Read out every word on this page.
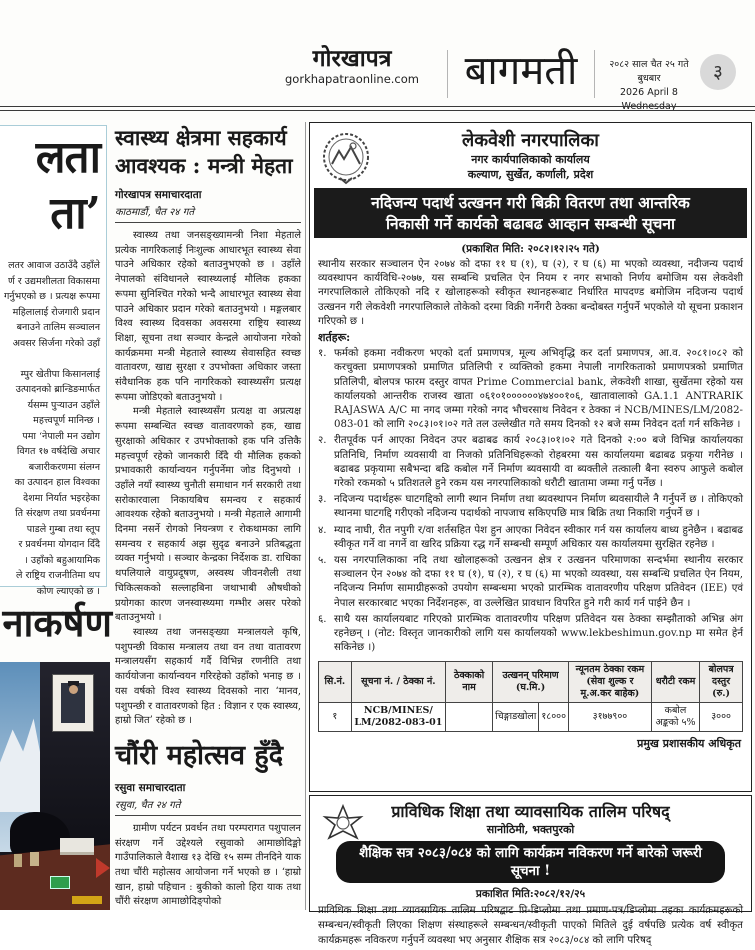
गोरखापत्र
gorkhapatraonline.com	बागमती	२०८२ साल चैत २५ गते बुधबार
2026 April 8 Wednesday
३
लता
ता’
लतर आवाज उठाउँदै उहाँले
र्ण र उद्यमशीलता विकासमा
गर्नुभएको छ । प्रत्यक्ष रूपमा
महिलालाई रोजगारी प्रदान
बनाउने तालिम सञ्चालन
अवसर सिर्जना गरेको उहाँ
म्पुर खेतीपा किसानलाई
उत्पादनको ब्रान्डिङमार्फत
र्यसम्म पुऱ्याउन उहाँले
महत्त्वपूर्ण मानिन्छ ।
पमा ‘नेपाली मन उद्योग
विगत १७ वर्षदेखि अचार
बजारीकरणमा संलग्न
का उत्पादन हाल विश्वका
देशमा निर्यात भइरहेका
ति संरक्षण तथा प्रवर्धनमा
पाडले गुम्बा तथा स्तूप
र प्रवर्धनमा योगदान दिँदै
। उहाँको बहुआयामिक
ले राष्ट्रिय राजनीतिमा थप
कोण ल्याएको छ ।
नाकर्षण
स्वास्थ्य क्षेत्रमा सहकार्य आवश्यक : मन्त्री मेहता
गोरखापत्र समाचारदाता
काठमाडौं, चैत २४ गते

स्वास्थ्य तथा जनसङ्ख्यामन्त्री निशा मेहताले प्रत्येक नागरिकलाई निःशुल्क आधारभूत स्वास्थ्य सेवा पाउने अधिकार रहेको बताउनुभएको छ । उहाँले नेपालको संविधानले स्वास्थ्यलाई मौलिक हकका रूपमा सुनिश्चित गरेको भन्दै आधारभूत स्वास्थ्य सेवा पाउने अधिकार प्रदान गरेको बताउनुभयो । मङ्गलबार विश्व स्वास्थ्य दिवसका अवसरमा राष्ट्रिय स्वास्थ्य शिक्षा, सूचना तथा सञ्चार केन्द्रले आयोजना गरेको कार्यक्रममा मन्त्री मेहताले स्वास्थ्य सेवासहित स्वच्छ वातावरण, खाद्य सुरक्षा र उपभोक्ता अधिकार जस्ता संवैधानिक हक पनि नागरिकको स्वास्थ्यसँग प्रत्यक्ष रूपमा जोडिएको बताउनुभयो ।

मन्त्री मेहताले स्वास्थ्यसँग प्रत्यक्ष वा अप्रत्यक्ष रूपमा सम्बन्धित स्वच्छ वातावरणको हक, खाद्य सुरक्षाको अधिकार र उपभोक्ताको हक पनि उत्तिकै महत्त्वपूर्ण रहेको जानकारी दिँदै यी मौलिक हकको प्रभावकारी कार्यान्वयन गर्नुपर्नेमा जोड दिनुभयो । उहाँले नयाँ स्वास्थ्य चुनौती समाधान गर्न सरकारी तथा सरोकारवाला निकायबिच समन्वय र सहकार्य आवश्यक रहेको बताउनुभयो । मन्त्री मेहताले आगामी दिनमा नसर्ने रोगको नियन्त्रण र रोकथामका लागि समन्वय र सहकार्य अझ सुदृढ बनाउने प्रतिबद्धता व्यक्त गर्नुभयो । सञ्चार केन्द्रका निर्देशक डा. राधिका थपलियाले वायुप्रदूषण, अस्वस्थ जीवनशैली तथा चिकित्सकको सल्लाहबिना जथाभाबी औषधीको प्रयोगका कारण जनस्वास्थ्यमा गम्भीर असर परेको बताउनुभयो ।

स्वास्थ्य तथा जनसङ्ख्या मन्त्रालयले कृषि, पशुपन्छी विकास मन्त्रालय तथा वन तथा वातावरण मन्त्रालयसँग सहकार्य गर्दै विभिन्न रणनीति तथा कार्ययोजना कार्यान्वयन गरिरहेको उहाँको भनाइ छ । यस वर्षको विश्व स्वास्थ्य दिवसको नारा ‘मानव, पशुपन्छी र वातावरणको हित : विज्ञान र एक स्वास्थ्य, हाम्रो जित’ रहेको छ ।

चौंरी महोत्सव हुँदै
रसुवा समाचारदाता
रसुवा, चैत २४ गते

ग्रामीण पर्यटन प्रवर्धन तथा परम्परागत पशुपालन संरक्षण गर्ने उद्देश्यले रसुवाको आमाछोदिङ्मो गाउँपालिकाले वैशाख १३ देखि १५ सम्म तीनदिने याक तथा चौंरी महोत्सव आयोजना गर्ने भएको छ । ‘हाम्रो खान, हाम्रो पहिचान : बुकीको कालो हिरा याक तथा चौंरी संरक्षण आमाछोदिङ्पोको

लेकवेशी नगरपालिका
नगर कार्यपालिकाको कार्यालय
कल्याण, सुर्खेत, कर्णाली, प्रदेश
नदिजन्य पदार्थ उत्खनन गरी बिक्री वितरण तथा आन्तरिक
निकासी गर्ने कार्यको बढाबढ आव्हान सम्बन्धी सूचना
(प्रकाशित मिति: २०८२।१२।२५ गते)
स्थानीय सरकार सञ्चालन ऐन २०७४ को दफा ११ घ (१), घ (२), र घ (६) मा भएको व्यवस्था, नदीजन्य पदार्थ व्यवस्थापन कार्यविधि-२०७७, यस सम्बन्धि प्रचलित ऐन नियम र नगर सभाको निर्णय बमोजिम यस लेकवेशी नगरपालिकाले तोकिएको नदि र खोलाहरूको स्वीकृत स्थानहरूबाट निर्धारित मापदण्ड बमोजिम नदिजन्य पदार्थ उत्खनन गरी लेकवेशी नगरपालिकाले तोकेको दरमा विक्री गर्नेगरी ठेक्का बन्दोबस्त गर्नुपर्ने भएकोले यो सूचना प्रकाशन गरिएको छ ।
शर्तहरू:
१. फर्मको हकमा नवीकरण भएको दर्ता प्रमाणपत्र, मूल्य अभिवृद्धि कर दर्ता प्रमाणपत्र, आ.व. २०८१।०८२ को करचुक्ता प्रमाणपत्रको प्रमाणित प्रतिलिपी र व्यक्तिको हकमा नेपाली नागरिकताको प्रमाणपत्रको प्रमाणित प्रतिलिपी, बोलपत्र फारम दस्तुर वापत Prime Commercial bank, लेकवेशी शाखा, सुर्खेतमा रहेको यस कार्यालयको आन्तरीक राजस्व खाता ०६१०१००००००४७४००१०६, खातावालाको GA.1.1 ANTRARIK RAJASWA A/C मा नगद जम्मा गरेको नगद भौचरसाथ निवेदन र ठेक्का नं NCB/MINES/LM/2082-083-01 को लागि २०८३।०१।०२ गते तल उल्लेखीत गते समय दिनको १२ बजे सम्म निवेदन दर्ता गर्न सकिनेछ ।
२. रीतपूर्वक पर्न आएका निवेदन उपर बढाबढ कार्य २०८३।०१।०२ गते दिनको २:०० बजे विभिन्न कार्यालयका प्रतिनिधि, निर्माण व्यवसायी वा निजको प्रतिनिधिहरूको रोहबरमा यस कार्यालयमा बढाबढ प्रकृया गरीनेछ । बढाबढ प्रकृयामा सबैभन्दा बढि कबोल गर्ने निर्माण ब्यवसायी वा ब्यक्तीले तत्काली बैना स्वरुप आफुले कबोल गरेको रकमको ५ प्रतिशतले हुने रकम यस नगरपालिकाको धरौटी खातामा जम्मा गर्नु पर्नेछ ।
३. नदिजन्य पदार्थहरू घाटगद्दिको लागी स्थान निर्माण तथा ब्यवस्थापन निर्माण ब्यवसायीले नै गर्नुपर्ने छ । तोकिएको स्थानमा घाटगद्दि गरीएको नदिजन्य पदार्थको नापजाच सकिएपछि मात्र बिक्रि तथा निकाशि गर्नुपर्ने छ ।
४. म्याद नाघी, रीत नपुगी र/वा शर्तसहित पेश हुन आएका निवेदन स्वीकार गर्न यस कार्यालय बाध्य हुनेछैन । बढाबढ स्वीकृत गर्ने वा नगर्ने वा खरिद प्रक्रिया रद्ध गर्ने सम्बन्धी सम्पूर्ण अधिकार यस कार्यालयमा सुरक्षित रहनेछ ।
५. यस नगरपालिकाका नदि तथा खोलाहरूको उत्खनन क्षेत्र र उत्खनन परिमाणका सन्दर्भमा स्थानीय सरकार सञ्चालन ऐन २०७४ को दफा ११ घ (१), घ (२), र घ (६) मा भएको व्यवस्था, यस सम्बन्धि प्रचलित ऐन नियम, नदिजन्य निर्माण सामाग्रीहरूको उपयोग सम्बन्धमा भएको प्रारम्भिक वातावरणीय परिक्षण प्रतिवेदन (IEE) एवं नेपाल सरकारबाट भएका निर्देशनहरू, वा उल्लेखित प्रावधान विपरित हुने गरी कार्य गर्न पाईने छैन ।
६. साथै यस कार्यालयबाट गरिएको प्रारम्भिक वातावरणीय परिक्षण प्रतिवेदन यस ठेक्का सम्झौताको अभिन्न अंग रहनेछन् । (नोट: विस्तृत जानकारीको लागि यस कार्यालयको www.lekbeshimun.gov.np मा समेत हेर्न सकिनेछ ।)
सि.नं.	सूचना नं. ∕ ठेक्का नं.	ठेक्काको नाम	उत्खनन् परिमाण (घ.मि.)		न्यूनतम ठेक्का रकम (सेवा शुल्क र मू.अ.कर बाहेक)	धरौटी रकम	बोलपत्र दस्तुर (रु.)
१	NCB/MINES/ LM/2082-083-01		चिङ्गाडखोला	१८०००	३१७७९००	कबोल अङ्कको ५%	३०००
प्रमुख प्रशासकीय अधिकृत
प्राविधिक शिक्षा तथा व्यावसायिक तालिम परिषद्
सानोठिमी, भक्तपुरको
शैक्षिक सत्र २०८३/०८४ को लागि कार्यक्रम नविकरण गर्ने बारेको जरूरी सूचना !
प्रकाशित मिति:२०८२/१२/२५
प्राविधिक शिक्षा तथा व्यावसायिक तालिम परिषद्बाट प्रि-डिप्लोमा तथा प्रमाण-पत्र/डिप्लोमा तहका कार्यक्रमहरूको सम्बन्धन/स्वीकृती लिएका शिक्षण संस्थाहरूले सम्बन्धन/स्वीकृती पाएको मितिले दुई वर्षपछि प्रत्येक वर्ष स्वीकृत कार्यक्रमहरू नविकरण गर्नुपर्ने व्यवस्था भए अनुसार शैक्षिक सत्र २०८३/०८४ को लागि परिषद्
